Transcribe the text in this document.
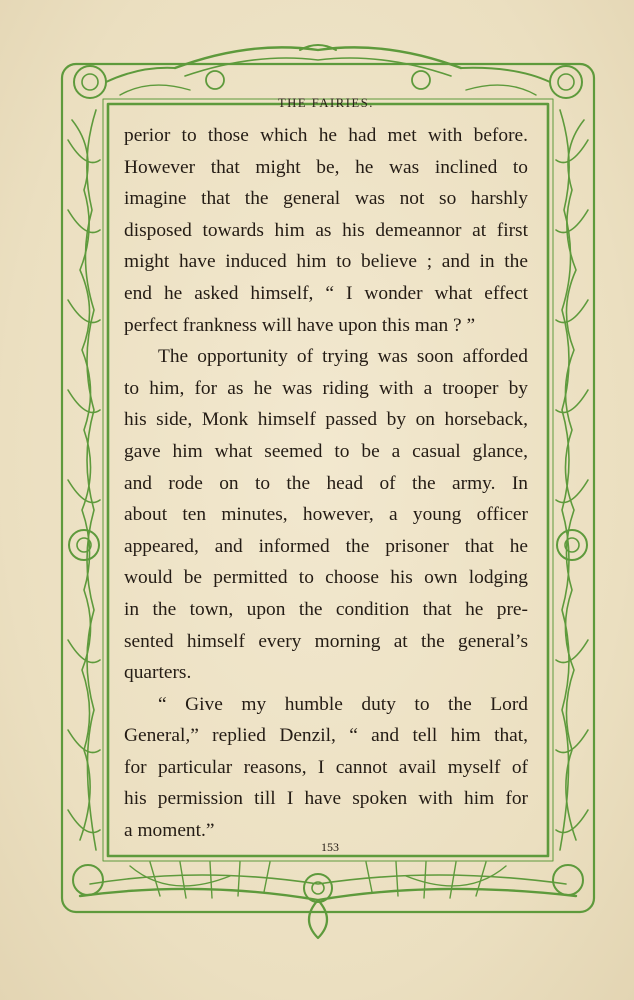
THE FAIRIES.

perior to those which he had met with before.

However that might be, he was inclined to

imagine that the general was not so harshly

disposed towards him as his demeannor at first

might have induced him to believe ; and in the

end he asked himself, “ I wonder what effect

perfect frankness will have upon this man ? ”

The opportunity of trying was soon afforded

to him, for as he was riding with a trooper by

his side, Monk himself passed by on horseback,

gave him what seemed to be a casual glance,

and rode on to the head of the army. In

about ten minutes, however, a young officer

appeared, and informed the prisoner that he

would be permitted to choose his own lodging

in the town, upon the condition that he pre-

sented himself every morning at the general’s

quarters.

“ Give my humble duty to the Lord

General,” replied Denzil, “ and tell him that,

for particular reasons, I cannot avail myself of

his permission till I have spoken with him for

a moment.”

153
